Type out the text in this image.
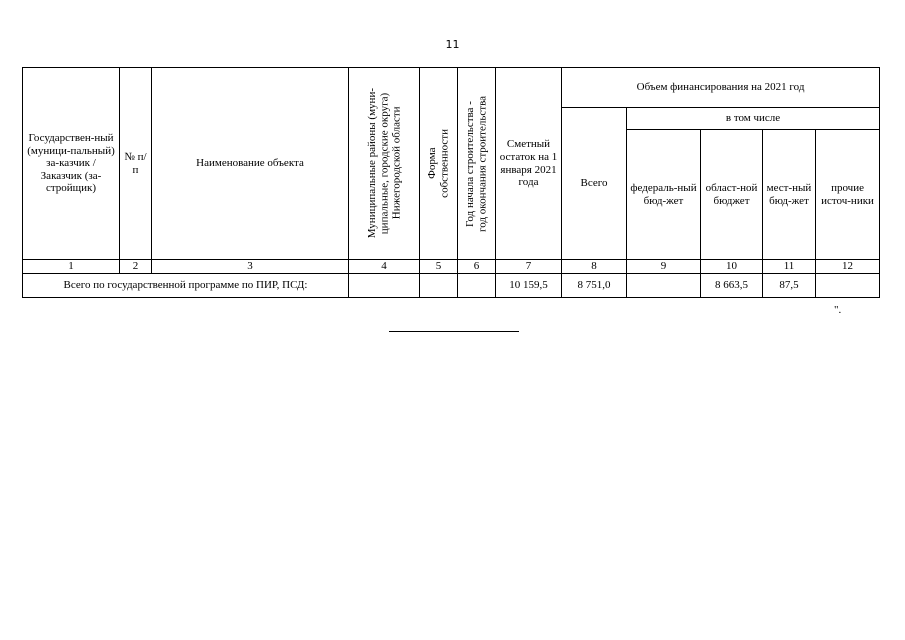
11
Государствен-ный (муници-пальный) за-казчик / Заказчик (за-стройщик)	№ п/п	Наименование объекта	Муниципальные районы (муни- ципальные, городские округа) Нижегородской области	Форма собственности	Год начала строительства - год окончания строительства	Сметный остаток на 1 января 2021 года	Объем финансирования на 2021 год				
							Всего	в том числе			
								федераль-ный бюд-жет	област-ной бюджет	мест-ный бюд-жет	прочие источ-ники
1	2	3	4	5	6	7	8	9	10	11	12
Всего по государственной программе по ПИР, ПСД:						10 159,5	8 751,0		8 663,5	87,5	
".
